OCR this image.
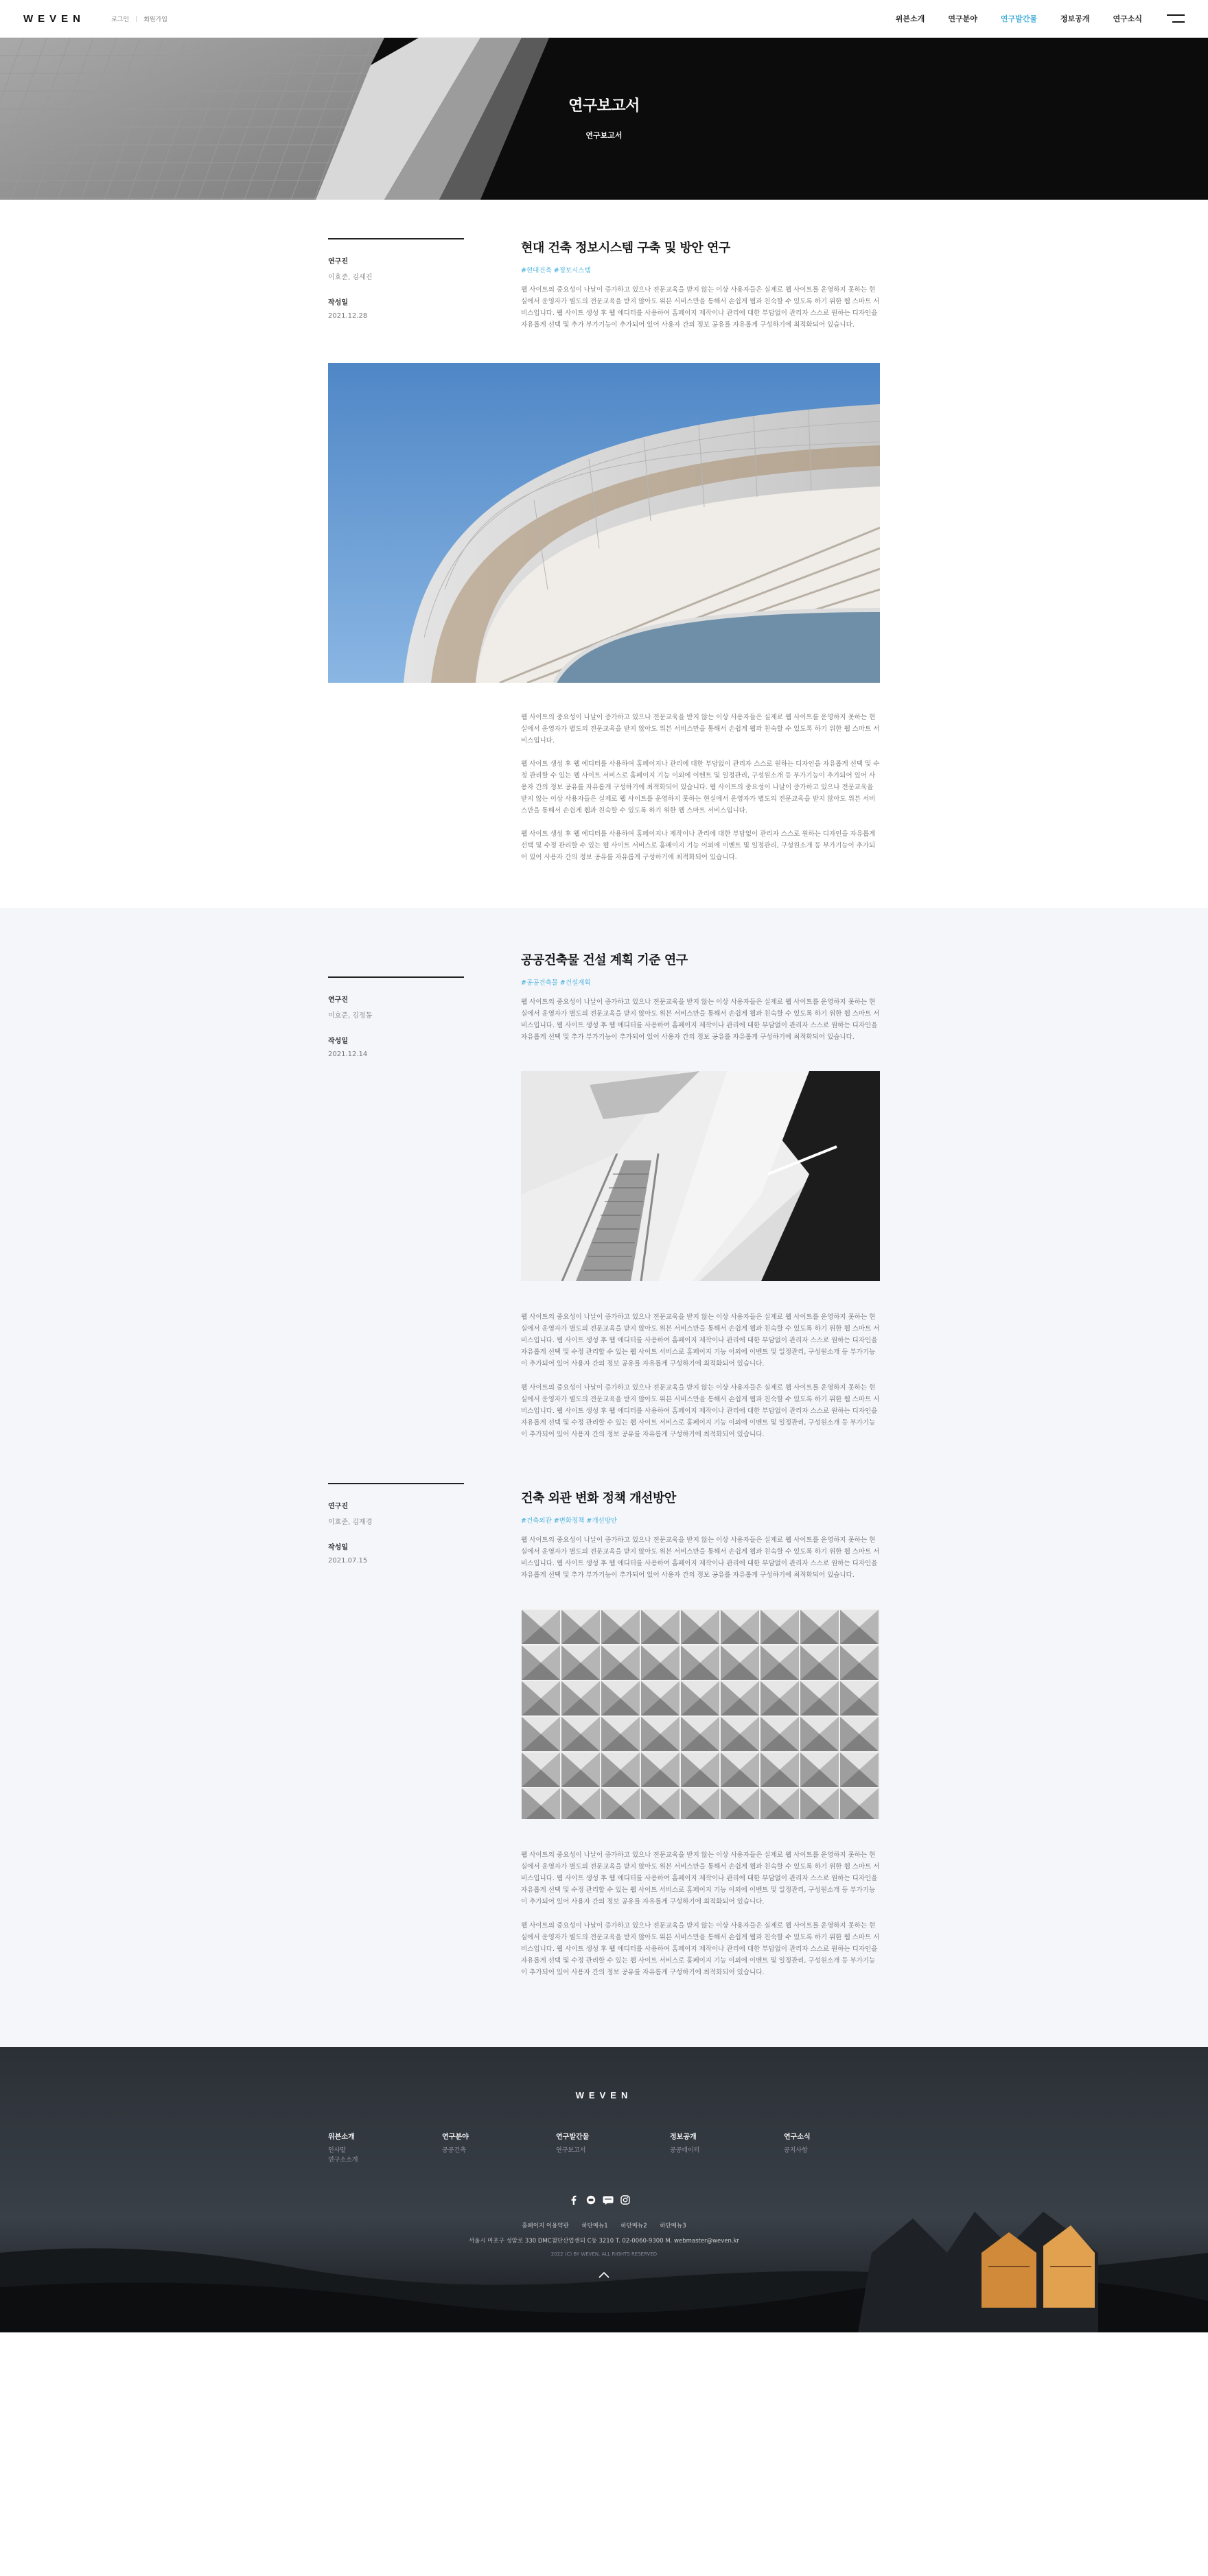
WEVEN	로그인 회원가입	위븐소개	연구분야	연구발간물	정보공개	연구소식
연구보고서
연구보고서
연구진
이효준, 김세진
작성일
2021.12.28
현대 건축 정보시스템 구축 및 방안 연구
#현대건축 #정보시스템

웹 사이트의 중요성이 나날이 증가하고 있으나 전문교육을 받지 않는 이상 사용자들은 실제로 웹 사이트를 운영하지 못하는 현실에서 운영자가 별도의 전문교육을 받지 않아도 위븐 서비스만을 통해서 손쉽게 웹과 친숙할 수 있도록 하기 위한 웹 스마트 서비스입니다. 웹 사이트 생성 후 웹 에디터를 사용하여 홈페이지 제작이나 관리에 대한 부담없이 관리자 스스로 원하는 디자인을 자유롭게 선택 및 추가 부가기능이 추가되어 있어 사용자 간의 정보 공유를 자유롭게 구성하기에 최적화되어 있습니다.

웹 사이트의 중요성이 나날이 증가하고 있으나 전문교육을 받지 않는 이상 사용자들은 실제로 웹 사이트를 운영하지 못하는 현실에서 운영자가 별도의 전문교육을 받지 않아도 위븐 서비스만을 통해서 손쉽게 웹과 친숙할 수 있도록 하기 위한 웹 스마트 서비스입니다.

웹 사이트 생성 후 웹 에디터를 사용하여 홈페이지나 관리에 대한 부담없이 관리자 스스로 원하는 디자인을 자유롭게 선택 및 수정 관리할 수 있는 웹 사이트 서비스로 홈페이지 기능 이외에 이벤트 및 일정관리, 구성원소개 등 부가기능이 추가되어 있어 사용자 간의 정보 공유를 자유롭게 구성하기에 최적화되어 있습니다. 웹 사이트의 중요성이 나날이 증가하고 있으나 전문교육을 받지 않는 이상 사용자들은 실제로 웹 사이트를 운영하지 못하는 현실에서 운영자가 별도의 전문교육을 받지 않아도 위븐 서비스만을 통해서 손쉽게 웹과 친숙할 수 있도록 하기 위한 웹 스마트 서비스입니다.

웹 사이트 생성 후 웹 에디터를 사용하여 홈페이지나 제작이나 관리에 대한 부담없이 관리자 스스로 원하는 디자인을 자유롭게 선택 및 수정 관리할 수 있는 웹 사이트 서비스로 홈페이지 기능 이외에 이벤트 및 일정관리, 구성원소개 등 부가기능이 추가되어 있어 사용자 간의 정보 공유를 자유롭게 구성하기에 최적화되어 있습니다.

연구진
이효준, 김정동
작성일
2021.12.14
공공건축물 건설 계획 기준 연구
#공공건축물 #건설계획

웹 사이트의 중요성이 나날이 증가하고 있으나 전문교육을 받지 않는 이상 사용자들은 실제로 웹 사이트를 운영하지 못하는 현실에서 운영자가 별도의 전문교육을 받지 않아도 위븐 서비스만을 통해서 손쉽게 웹과 친숙할 수 있도록 하기 위한 웹 스마트 서비스입니다. 웹 사이트 생성 후 웹 에디터를 사용하여 홈페이지 제작이나 관리에 대한 부담없이 관리자 스스로 원하는 디자인을 자유롭게 선택 및 추가 부가기능이 추가되어 있어 사용자 간의 정보 공유를 자유롭게 구성하기에 최적화되어 있습니다.

웹 사이트의 중요성이 나날이 증가하고 있으나 전문교육을 받지 않는 이상 사용자들은 실제로 웹 사이트를 운영하지 못하는 현실에서 운영자가 별도의 전문교육을 받지 않아도 위븐 서비스만을 통해서 손쉽게 웹과 친숙할 수 있도록 하기 위한 웹 스마트 서비스입니다. 웹 사이트 생성 후 웹 에디터를 사용하여 홈페이지 제작이나 관리에 대한 부담없이 관리자 스스로 원하는 디자인을 자유롭게 선택 및 수정 관리할 수 있는 웹 사이트 서비스로 홈페이지 기능 이외에 이벤트 및 일정관리, 구성원소개 등 부가기능이 추가되어 있어 사용자 간의 정보 공유를 자유롭게 구성하기에 최적화되어 있습니다.

웹 사이트의 중요성이 나날이 증가하고 있으나 전문교육을 받지 않는 이상 사용자들은 실제로 웹 사이트를 운영하지 못하는 현실에서 운영자가 별도의 전문교육을 받지 않아도 위븐 서비스만을 통해서 손쉽게 웹과 친숙할 수 있도록 하기 위한 웹 스마트 서비스입니다. 웹 사이트 생성 후 웹 에디터를 사용하여 홈페이지 제작이나 관리에 대한 부담없이 관리자 스스로 원하는 디자인을 자유롭게 선택 및 수정 관리할 수 있는 웹 사이트 서비스로 홈페이지 기능 이외에 이벤트 및 일정관리, 구성원소개 등 부가기능이 추가되어 있어 사용자 간의 정보 공유를 자유롭게 구성하기에 최적화되어 있습니다.

연구진
이효준, 김재경
작성일
2021.07.15
건축 외관 변화 정책 개선방안
#건축외관 #변화정책 #개선방안

웹 사이트의 중요성이 나날이 증가하고 있으나 전문교육을 받지 않는 이상 사용자들은 실제로 웹 사이트를 운영하지 못하는 현실에서 운영자가 별도의 전문교육을 받지 않아도 위븐 서비스만을 통해서 손쉽게 웹과 친숙할 수 있도록 하기 위한 웹 스마트 서비스입니다. 웹 사이트 생성 후 웹 에디터를 사용하여 홈페이지 제작이나 관리에 대한 부담없이 관리자 스스로 원하는 디자인을 자유롭게 선택 및 추가 부가기능이 추가되어 있어 사용자 간의 정보 공유를 자유롭게 구성하기에 최적화되어 있습니다.

웹 사이트의 중요성이 나날이 증가하고 있으나 전문교육을 받지 않는 이상 사용자들은 실제로 웹 사이트를 운영하지 못하는 현실에서 운영자가 별도의 전문교육을 받지 않아도 위븐 서비스만을 통해서 손쉽게 웹과 친숙할 수 있도록 하기 위한 웹 스마트 서비스입니다. 웹 사이트 생성 후 웹 에디터를 사용하여 홈페이지 제작이나 관리에 대한 부담없이 관리자 스스로 원하는 디자인을 자유롭게 선택 및 수정 관리할 수 있는 웹 사이트 서비스로 홈페이지 기능 이외에 이벤트 및 일정관리, 구성원소개 등 부가기능이 추가되어 있어 사용자 간의 정보 공유를 자유롭게 구성하기에 최적화되어 있습니다.

웹 사이트의 중요성이 나날이 증가하고 있으나 전문교육을 받지 않는 이상 사용자들은 실제로 웹 사이트를 운영하지 못하는 현실에서 운영자가 별도의 전문교육을 받지 않아도 위븐 서비스만을 통해서 손쉽게 웹과 친숙할 수 있도록 하기 위한 웹 스마트 서비스입니다. 웹 사이트 생성 후 웹 에디터를 사용하여 홈페이지 제작이나 관리에 대한 부담없이 관리자 스스로 원하는 디자인을 자유롭게 선택 및 수정 관리할 수 있는 웹 사이트 서비스로 홈페이지 기능 이외에 이벤트 및 일정관리, 구성원소개 등 부가기능이 추가되어 있어 사용자 간의 정보 공유를 자유롭게 구성하기에 최적화되어 있습니다.

WEVEN
위븐소개
인사말
연구소소개
연구분야
공공건축
연구발간물
연구보고서
정보공개
공공데이터
연구소식
공지사항
홈페이지 이용약관 하단메뉴1 하단메뉴2 하단메뉴3
서울시 마포구 성암로 330 DMC첨단산업센터 C동 3210 T. 02-0060-9300 M. webmaster@weven.kr
2022 (C) BY WEVEN. ALL RIGHTS RESERVED
